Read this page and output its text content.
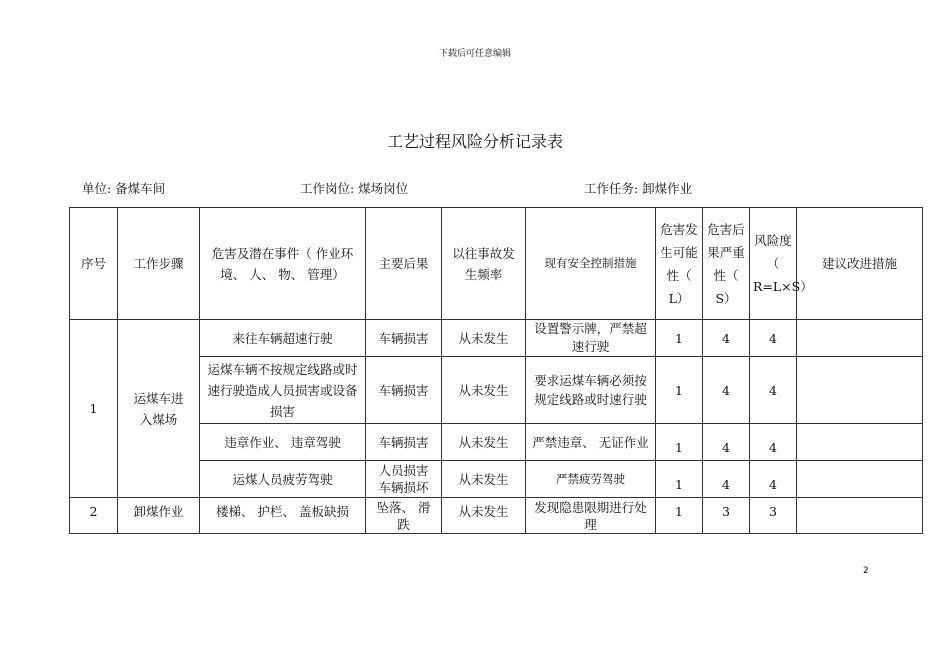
下载后可任意编辑
工艺过程风险分析记录表
单位: 备煤车间	工作岗位: 煤场岗位	工作任务: 卸煤作业
序号	工作步骤	危害及潜在事件（ 作业环境、 人、 物、 管理）	主要后果	以往事故发生频率	现有安全控制措施	危害发生可能性（ L）	危害后果严重性（ S）	风险度（ R=L×S）	建议改进措施
1	运煤车进入煤场	来往车辆超速行驶	车辆损害	从未发生	设置警示牌，严禁超速行驶	1	4	4	
		运煤车辆不按规定线路或时速行驶造成人员损害或设备损害	车辆损害	从未发生	要求运煤车辆必须按规定线路或时速行驶	1	4	4	
		违章作业、 违章驾驶	车辆损害	从未发生	严禁违章、 无证作业	1	4	4	
		运煤人员疲劳驾驶	人员损害车辆损坏	从未发生	严禁疲劳驾驶	1	4	4	
2	卸煤作业	楼梯、 护栏、 盖板缺损	坠落、 滑跌	从未发生	发现隐患限期进行处理	1	3	3	
2
